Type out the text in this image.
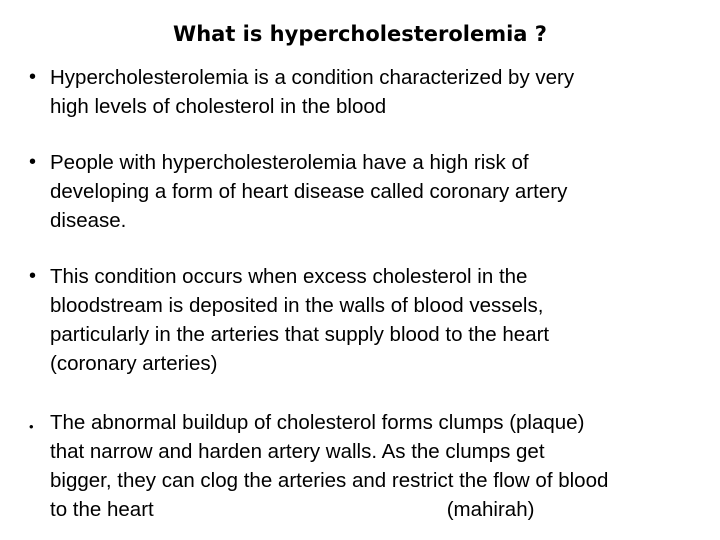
What is hypercholesterolemia ?
• Hypercholesterolemia is a condition characterized by very
high levels of cholesterol in the blood
• People with hypercholesterolemia have a high risk of
developing a form of heart disease called coronary artery
disease.
• This condition occurs when excess cholesterol in the
bloodstream is deposited in the walls of blood vessels,
particularly in the arteries that supply blood to the heart
(coronary arteries)
• The abnormal buildup of cholesterol forms clumps (plaque)
that narrow and harden artery walls. As the clumps get
bigger, they can clog the arteries and restrict the flow of blood
to the heart	(mahirah)
